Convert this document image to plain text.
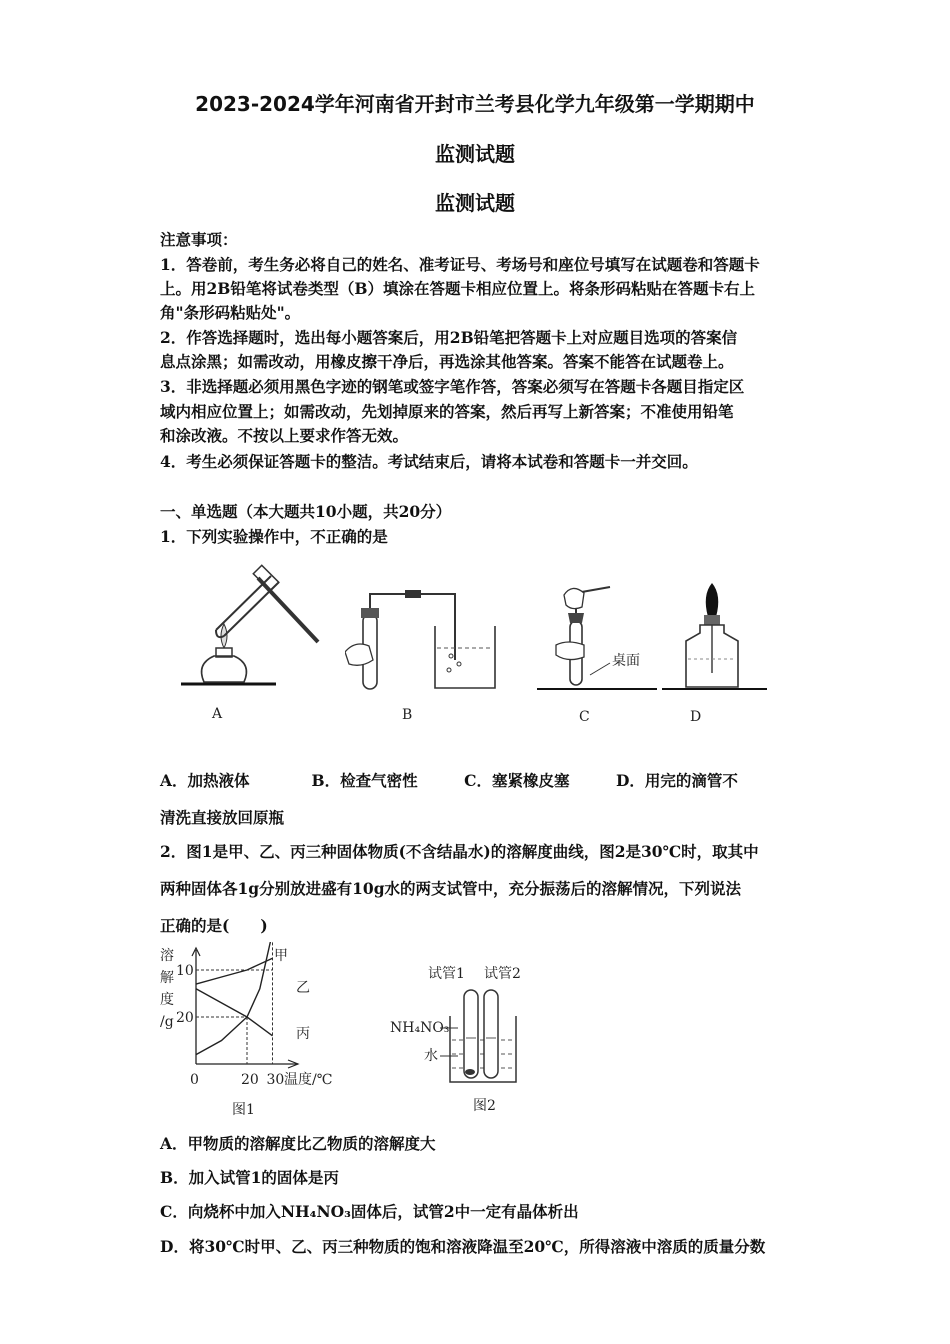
2023-2024学年河南省开封市兰考县化学九年级第一学期期中
监测试题
监测试题
注意事项：
1．答卷前，考生务必将自己的姓名、准考证号、考场号和座位号填写在试题卷和答题卡
上。用2B铅笔将试卷类型（B）填涂在答题卡相应位置上。将条形码粘贴在答题卡右上
角"条形码粘贴处"。
2．作答选择题时，选出每小题答案后，用2B铅笔把答题卡上对应题目选项的答案信
息点涂黑；如需改动，用橡皮擦干净后，再选涂其他答案。答案不能答在试题卷上。
3．非选择题必须用黑色字迹的钢笔或签字笔作答，答案必须写在答题卡各题目指定区
域内相应位置上；如需改动，先划掉原来的答案，然后再写上新答案；不准使用铅笔
和涂改液。不按以上要求作答无效。
4．考生必须保证答题卡的整洁。考试结束后，请将本试卷和答题卡一并交回。
一、单选题（本大题共10小题，共20分）
1．下列实验操作中，不正确的是
A	B
桌面
C	D
A．加热液体　　　　B．检查气密性　　　C．塞紧橡皮塞　　　D．用完的滴管不
清洗直接放回原瓶
2．图1是甲、乙、丙三种固体物质(不含结晶水)的溶解度曲线，图2是30℃时，取其中
两种固体各1g分别放进盛有10g水的两支试管中，充分振荡后的溶解情况，下列说法
正确的是(　　)
溶
解
度
/g 20
10
0	20 30
甲
乙
丙
温度/℃
图1
试管1 试管2
NH₄NO₃
水
图2
A．甲物质的溶解度比乙物质的溶解度大
B．加入试管1的固体是丙
C．向烧杯中加入NH₄NO₃固体后，试管2中一定有晶体析出
D．将30℃时甲、乙、丙三种物质的饱和溶液降温至20℃，所得溶液中溶质的质量分数
